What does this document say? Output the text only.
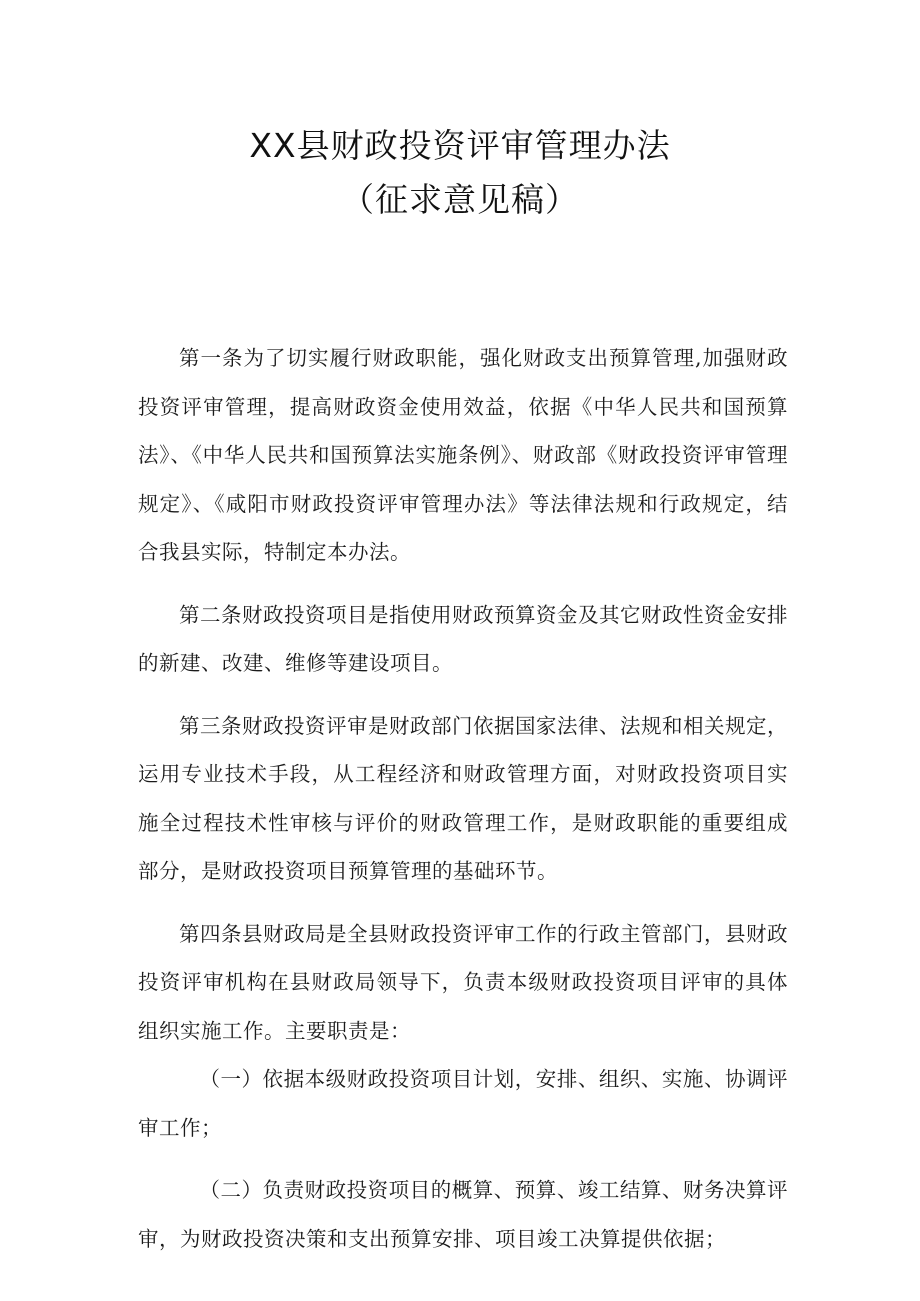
XX县财政投资评审管理办法
（征求意见稿）

第一条为了切实履行财政职能，强化财政支出预算管理,加强财政投资评审管理，提高财政资金使用效益，依据《中华人民共和国预算法》、《中华人民共和国预算法实施条例》、财政部《财政投资评审管理规定》、《咸阳市财政投资评审管理办法》等法律法规和行政规定，结合我县实际，特制定本办法。

第二条财政投资项目是指使用财政预算资金及其它财政性资金安排的新建、改建、维修等建设项目。

第三条财政投资评审是财政部门依据国家法律、法规和相关规定，运用专业技术手段，从工程经济和财政管理方面，对财政投资项目实施全过程技术性审核与评价的财政管理工作，是财政职能的重要组成部分，是财政投资项目预算管理的基础环节。

第四条县财政局是全县财政投资评审工作的行政主管部门，县财政投资评审机构在县财政局领导下，负责本级财政投资项目评审的具体组织实施工作。主要职责是：

（一）依据本级财政投资项目计划，安排、组织、实施、协调评审工作；

（二）负责财政投资项目的概算、预算、竣工结算、财务决算评审，为财政投资决策和支出预算安排、项目竣工决算提供依据；
